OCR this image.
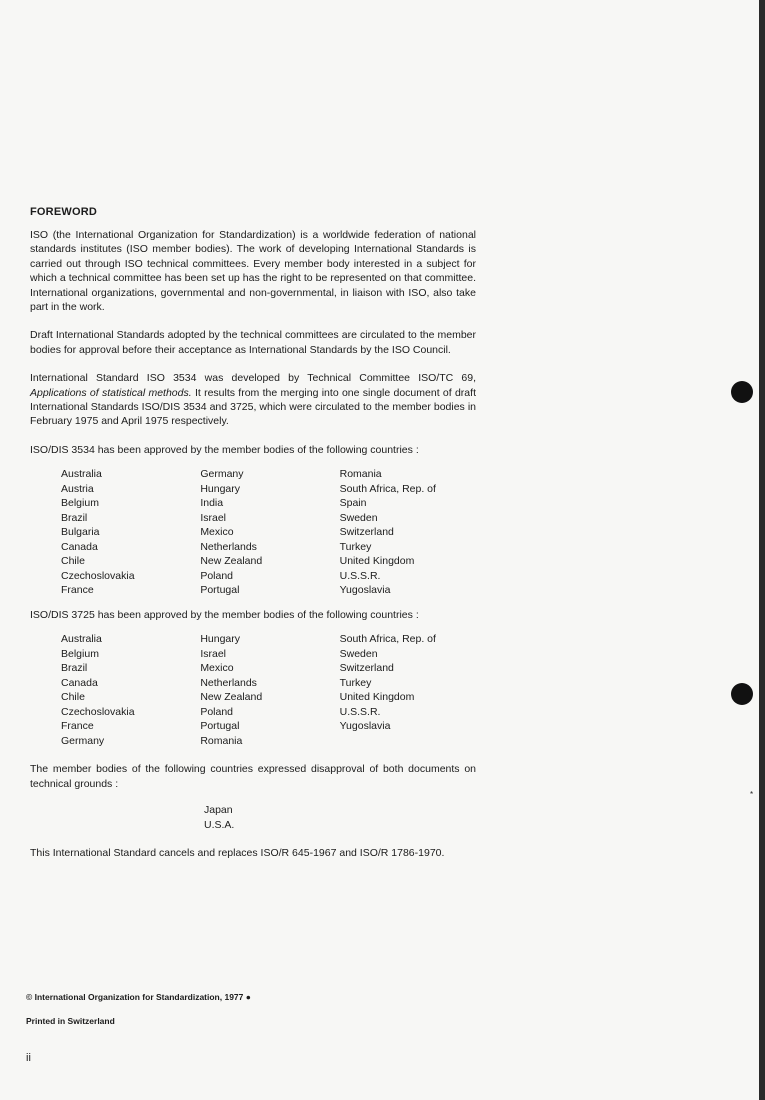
*
FOREWORD

ISO (the International Organization for Standardization) is a worldwide federation of national standards institutes (ISO member bodies). The work of developing International Standards is carried out through ISO technical committees. Every member body interested in a subject for which a technical committee has been set up has the right to be represented on that committee. International organizations, governmental and non-governmental, in liaison with ISO, also take part in the work.

Draft International Standards adopted by the technical committees are circulated to the member bodies for approval before their acceptance as International Standards by the ISO Council.

International Standard ISO 3534 was developed by Technical Committee ISO/TC 69, Applications of statistical methods. It results from the merging into one single document of draft International Standards ISO/DIS 3534 and 3725, which were circulated to the member bodies in February 1975 and April 1975 respectively.

ISO/DIS 3534 has been approved by the member bodies of the following countries :

Australia
Austria
Belgium
Brazil
Bulgaria
Canada
Chile
Czechoslovakia
France
Germany
Hungary
India
Israel
Mexico
Netherlands
New Zealand
Poland
Portugal
Romania
South Africa, Rep. of
Spain
Sweden
Switzerland
Turkey
United Kingdom
U.S.S.R.
Yugoslavia

ISO/DIS 3725 has been approved by the member bodies of the following countries :

Australia
Belgium
Brazil
Canada
Chile
Czechoslovakia
France
Germany
Hungary
Israel
Mexico
Netherlands
New Zealand
Poland
Portugal
Romania
South Africa, Rep. of
Sweden
Switzerland
Turkey
United Kingdom
U.S.S.R.
Yugoslavia

The member bodies of the following countries expressed disapproval of both documents on technical grounds :

Japan
U.S.A.

This International Standard cancels and replaces ISO/R 645-1967 and ISO/R 1786-1970.

© International Organization for Standardization, 1977 ●
Printed in Switzerland
ii
